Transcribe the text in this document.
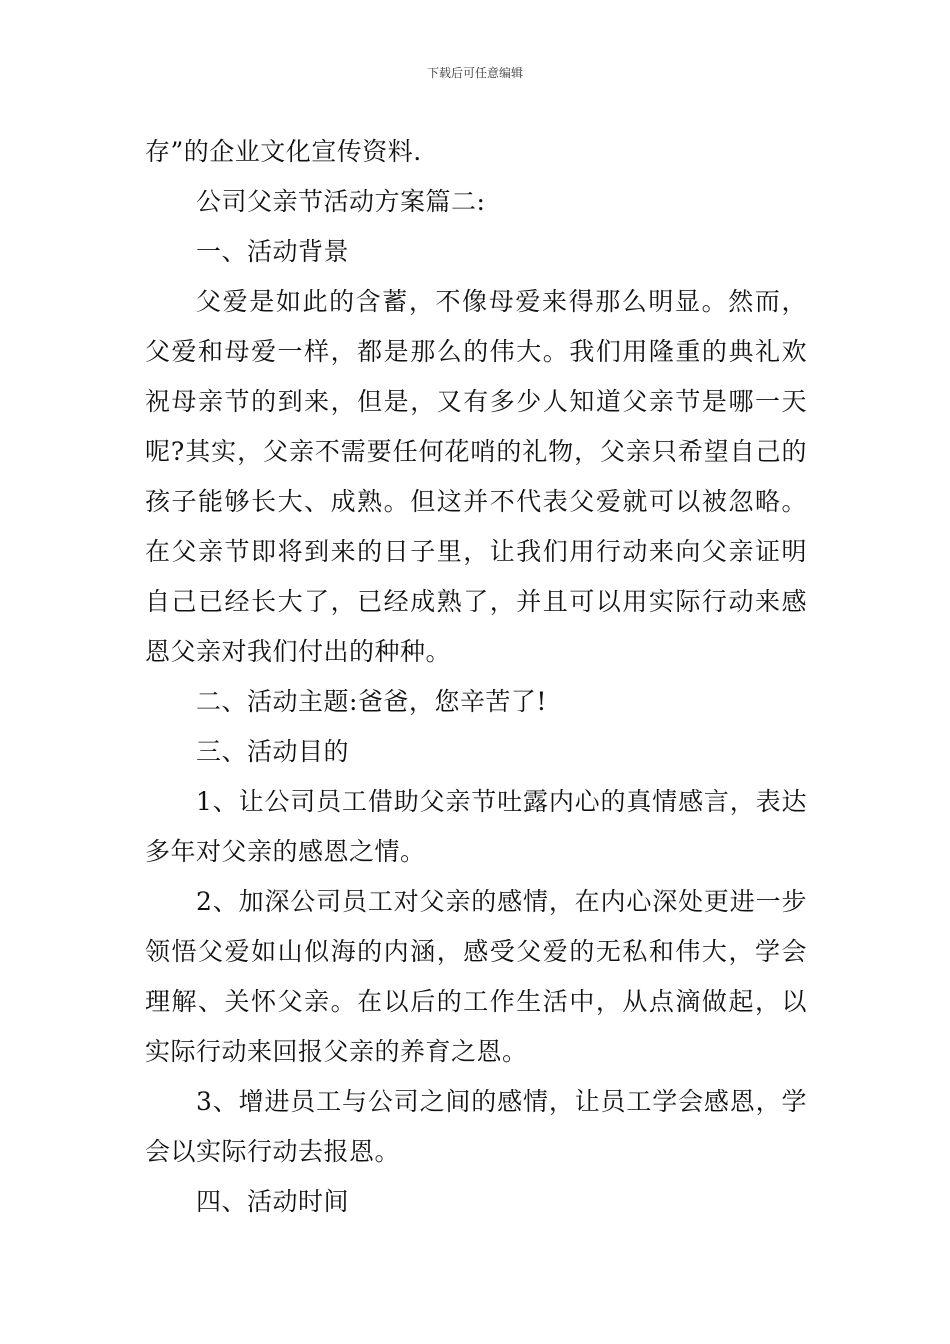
下载后可任意编辑

存”的企业文化宣传资料.

公司父亲节活动方案篇二:

一、活动背景

父爱是如此的含蓄，不像母爱来得那么明显。然而，父爱和母爱一样，都是那么的伟大。我们用隆重的典礼欢祝母亲节的到来，但是，又有多少人知道父亲节是哪一天呢?其实，父亲不需要任何花哨的礼物，父亲只希望自己的孩子能够长大、成熟。但这并不代表父爱就可以被忽略。在父亲节即将到来的日子里，让我们用行动来向父亲证明自己已经长大了，已经成熟了，并且可以用实际行动来感恩父亲对我们付出的种种。

二、活动主题:爸爸，您辛苦了!

三、活动目的

1、让公司员工借助父亲节吐露内心的真情感言，表达多年对父亲的感恩之情。

2、加深公司员工对父亲的感情，在内心深处更进一步领悟父爱如山似海的内涵，感受父爱的无私和伟大，学会理解、关怀父亲。在以后的工作生活中，从点滴做起，以实际行动来回报父亲的养育之恩。

3、增进员工与公司之间的感情，让员工学会感恩，学会以实际行动去报恩。

四、活动时间
